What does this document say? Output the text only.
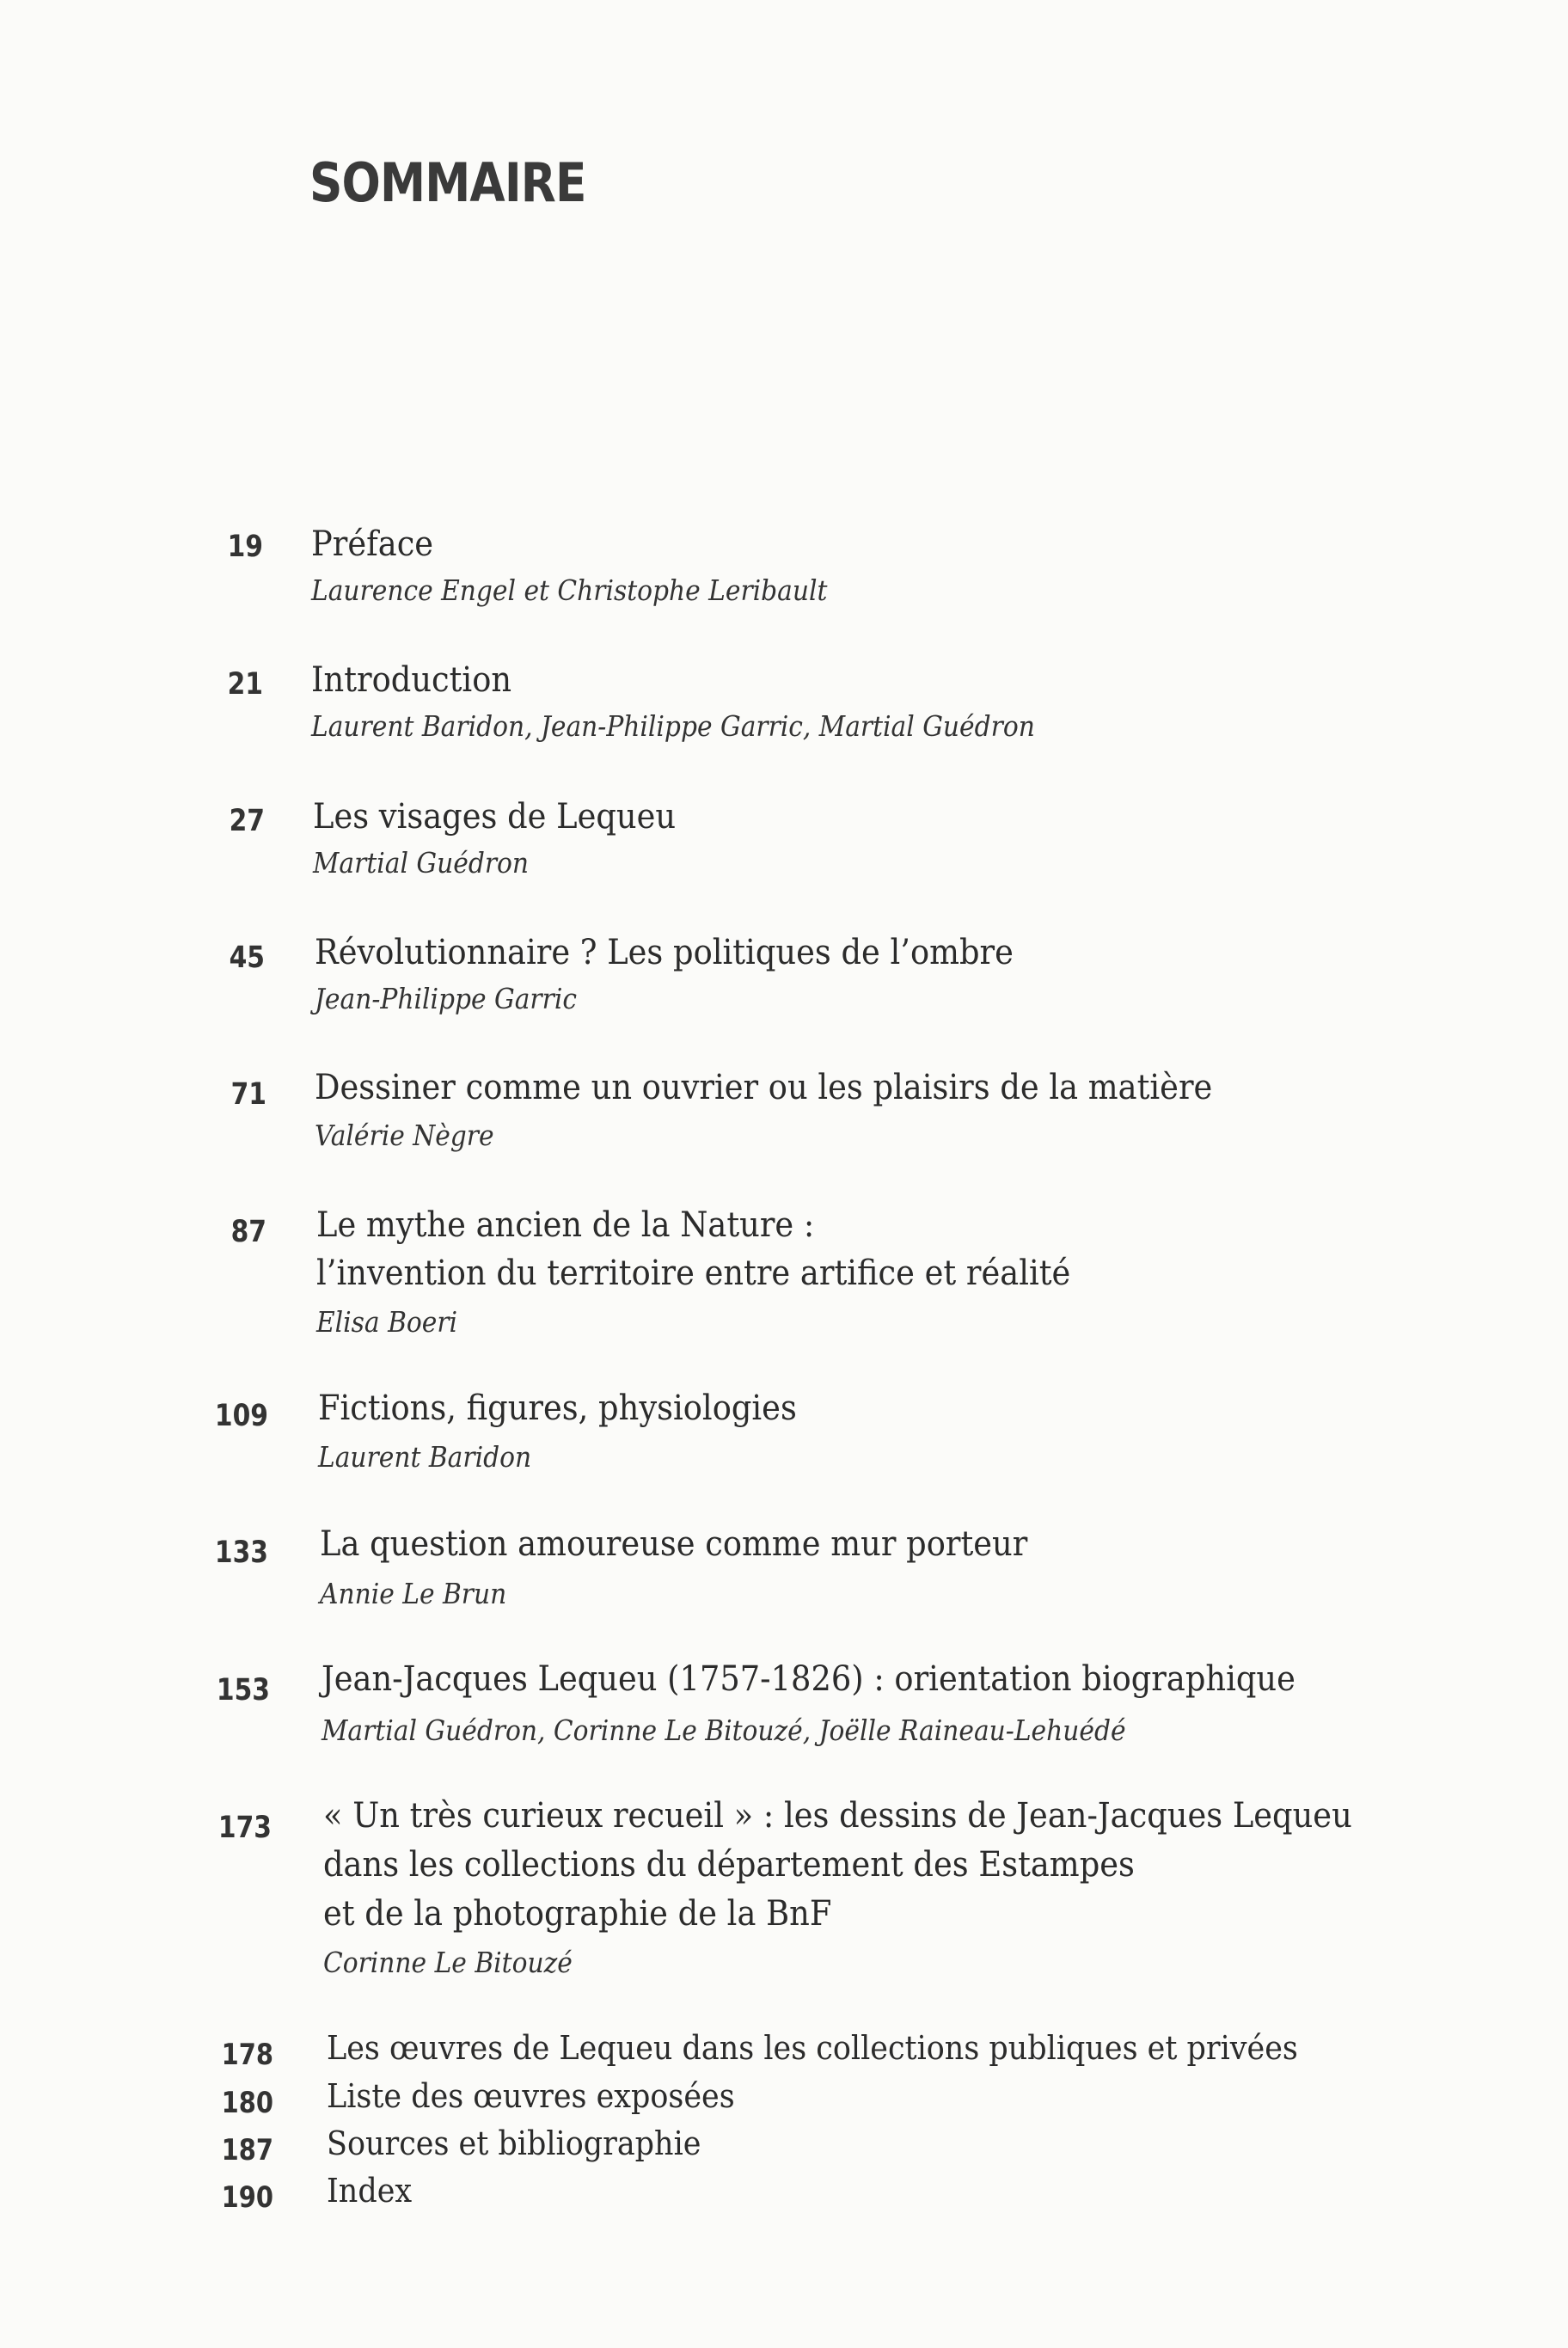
SOMMAIRE
19 Préface
Laurence Engel et Christophe Leribault
21 Introduction
Laurent Baridon, Jean-Philippe Garric, Martial Guédron
27 Les visages de Lequeu
Martial Guédron
45 Révolutionnaire ? Les politiques de l’ombre
Jean-Philippe Garric
71 Dessiner comme un ouvrier ou les plaisirs de la matière
Valérie Nègre
87 Le mythe ancien de la Nature :
l’invention du territoire entre artifice et réalité
Elisa Boeri
109 Fictions, figures, physiologies
Laurent Baridon
133 La question amoureuse comme mur porteur
Annie Le Brun
153 Jean-Jacques Lequeu (1757-1826) : orientation biographique
Martial Guédron, Corinne Le Bitouzé, Joëlle Raineau-Lehuédé
173 « Un très curieux recueil » : les dessins de Jean-Jacques Lequeu
dans les collections du département des Estampes
et de la photographie de la BnF
Corinne Le Bitouzé
178 Les œuvres de Lequeu dans les collections publiques et privées
180 Liste des œuvres exposées
187 Sources et bibliographie
190 Index
